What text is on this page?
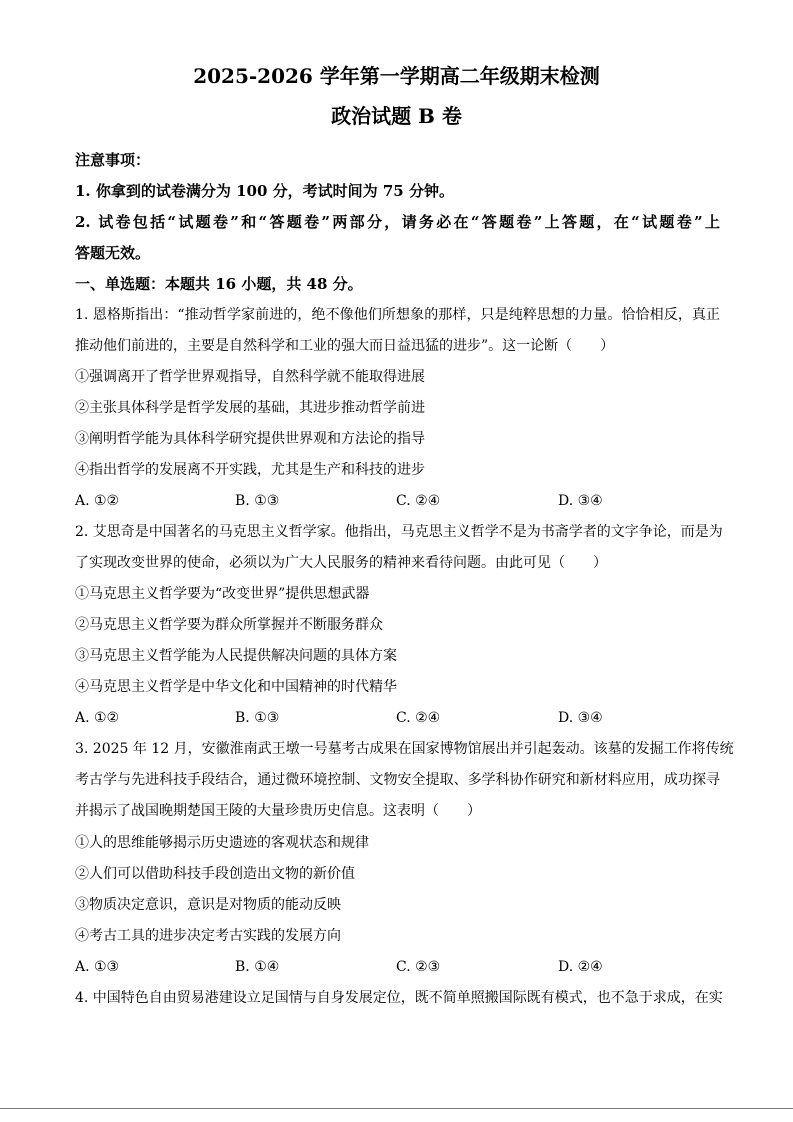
2025-2026 学年第一学期高二年级期末检测
政治试题 B 卷
注意事项：
1. 你拿到的试卷满分为 100 分，考试时间为 75 分钟。
2. 试卷包括“试题卷”和“答题卷”两部分，请务必在“答题卷”上答题，在“试题卷”上
答题无效。
一、单选题：本题共 16 小题，共 48 分。
1. 恩格斯指出：“推动哲学家前进的，绝不像他们所想象的那样，只是纯粹思想的力量。恰恰相反，真正
推动他们前进的，主要是自然科学和工业的强大而日益迅猛的进步”。这一论断（　　）
①强调离开了哲学世界观指导，自然科学就不能取得进展
②主张具体科学是哲学发展的基础，其进步推动哲学前进
③阐明哲学能为具体科学研究提供世界观和方法论的指导
④指出哲学的发展离不开实践，尤其是生产和科技的进步
A. ①②	B. ①③	C. ②④	D. ③④
2. 艾思奇是中国著名的马克思主义哲学家。他指出，马克思主义哲学不是为书斋学者的文字争论，而是为
了实现改变世界的使命，必须以为广大人民服务的精神来看待问题。由此可见（　　）
①马克思主义哲学要为“改变世界”提供思想武器
②马克思主义哲学要为群众所掌握并不断服务群众
③马克思主义哲学能为人民提供解决问题的具体方案
④马克思主义哲学是中华文化和中国精神的时代精华
A. ①②	B. ①③	C. ②④	D. ③④
3. 2025 年 12 月，安徽淮南武王墩一号墓考古成果在国家博物馆展出并引起轰动。该墓的发掘工作将传统
考古学与先进科技手段结合，通过微环境控制、文物安全提取、多学科协作研究和新材料应用，成功探寻
并揭示了战国晚期楚国王陵的大量珍贵历史信息。这表明（　　）
①人的思维能够揭示历史遗迹的客观状态和规律
②人们可以借助科技手段创造出文物的新价值
③物质决定意识，意识是对物质的能动反映
④考古工具的进步决定考古实践的发展方向
A. ①③	B. ①④	C. ②③	D. ②④
4. 中国特色自由贸易港建设立足国情与自身发展定位，既不简单照搬国际既有模式，也不急于求成，在实
